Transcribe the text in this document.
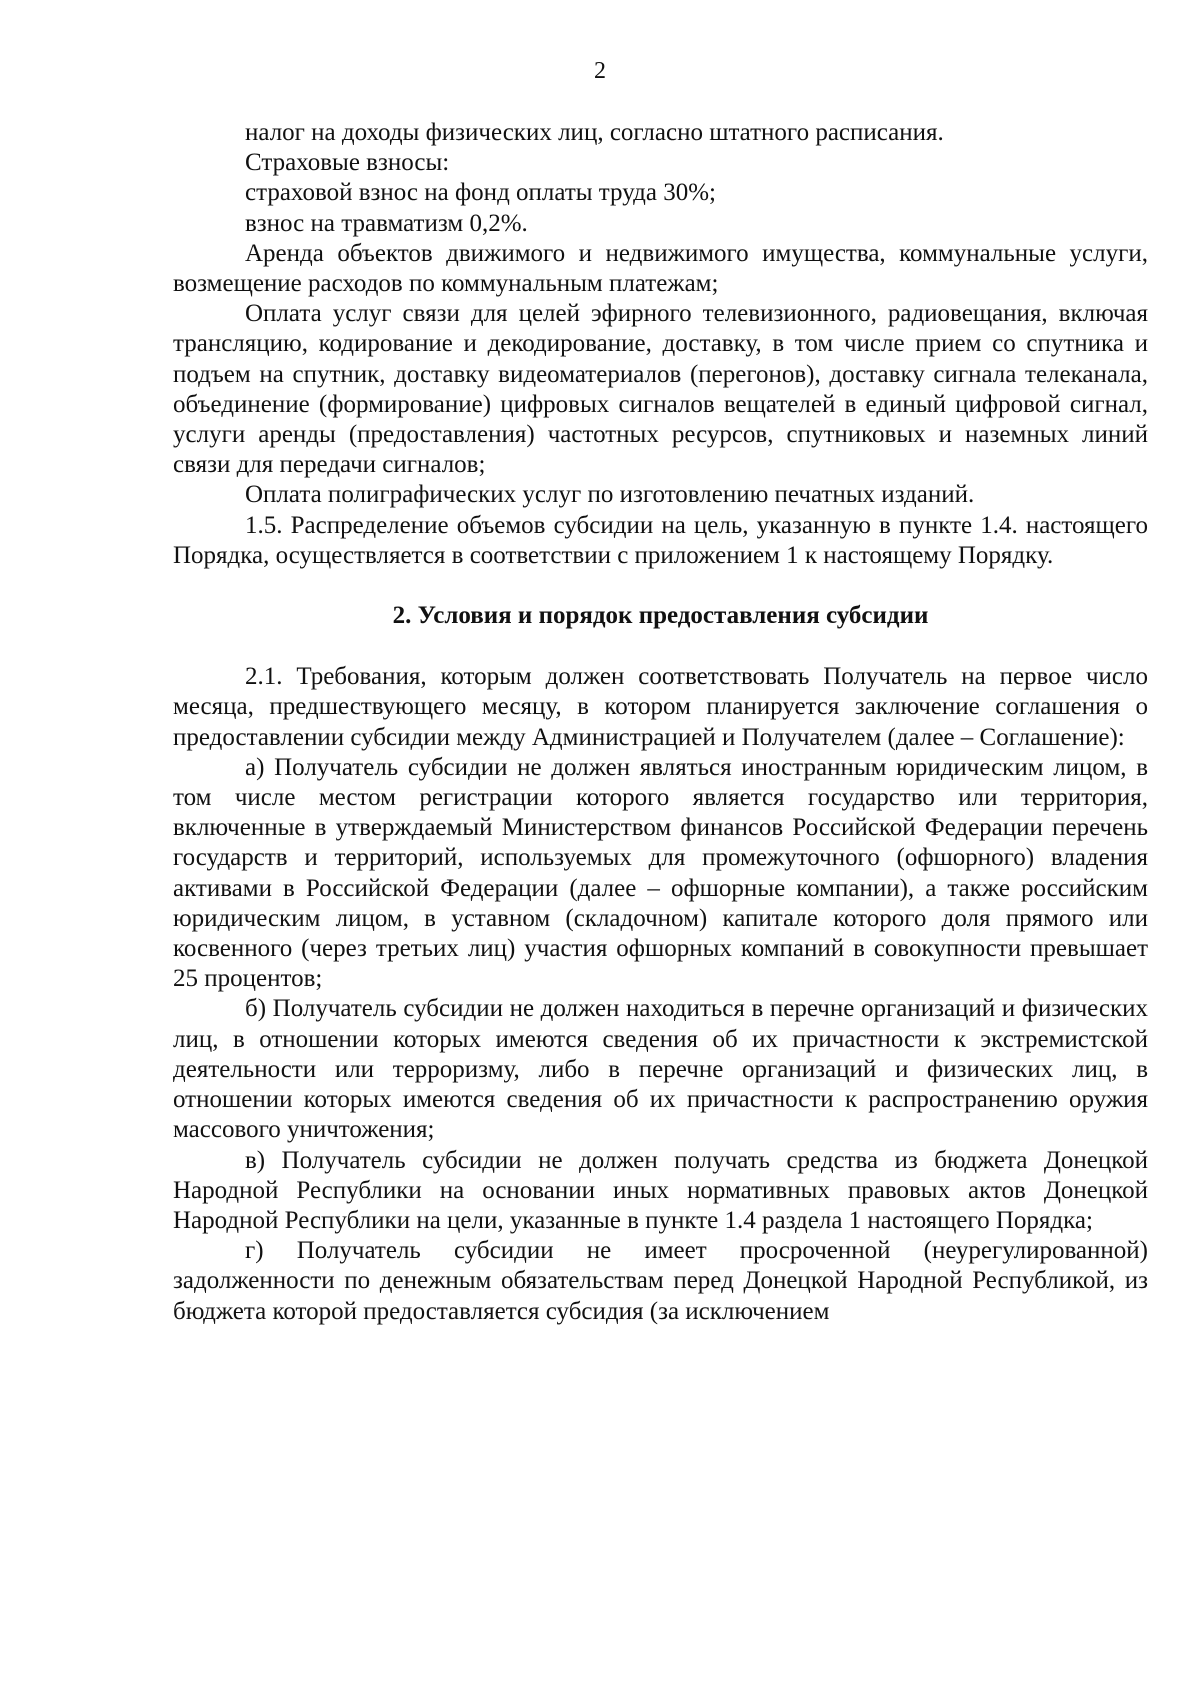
2

налог на доходы физических лиц, согласно штатного расписания.

Страховые взносы:

страховой взнос на фонд оплаты труда 30%;

взнос на травматизм 0,2%.

Аренда объектов движимого и недвижимого имущества, коммунальные услуги, возмещение расходов по коммунальным платежам;

Оплата услуг связи для целей эфирного телевизионного, радиовещания, включая трансляцию, кодирование и декодирование, доставку, в том числе прием со спутника и подъем на спутник, доставку видеоматериалов (перегонов), доставку сигнала телеканала, объединение (формирование) цифровых сигналов вещателей в единый цифровой сигнал, услуги аренды (предоставления) частотных ресурсов, спутниковых и наземных линий связи для передачи сигналов;

Оплата полиграфических услуг по изготовлению печатных изданий.

1.5. Распределение объемов субсидии на цель, указанную в пункте 1.4. настоящего Порядка, осуществляется в соответствии с приложением 1 к настоящему Порядку.

2. Условия и порядок предоставления субсидии

2.1. Требования, которым должен соответствовать Получатель на первое число месяца, предшествующего месяцу, в котором планируется заключение соглашения о предоставлении субсидии между Администрацией и Получателем (далее – Соглашение):

а) Получатель субсидии не должен являться иностранным юридическим лицом, в том числе местом регистрации которого является государство или территория, включенные в утверждаемый Министерством финансов Российской Федерации перечень государств и территорий, используемых для промежуточного (офшорного) владения активами в Российской Федерации (далее – офшорные компании), а также российским юридическим лицом, в уставном (складочном) капитале которого доля прямого или косвенного (через третьих лиц) участия офшорных компаний в совокупности превышает 25 процентов;

б) Получатель субсидии не должен находиться в перечне организаций и физических лиц, в отношении которых имеются сведения об их причастности к экстремистской деятельности или терроризму, либо в перечне организаций и физических лиц, в отношении которых имеются сведения об их причастности к распространению оружия массового уничтожения;

в) Получатель субсидии не должен получать средства из бюджета Донецкой Народной Республики на основании иных нормативных правовых актов Донецкой Народной Республики на цели, указанные в пункте 1.4 раздела 1 настоящего Порядка;

г) Получатель субсидии не имеет просроченной (неурегулированной) задолженности по денежным обязательствам перед Донецкой Народной Республикой, из бюджета которой предоставляется субсидия (за исключением
